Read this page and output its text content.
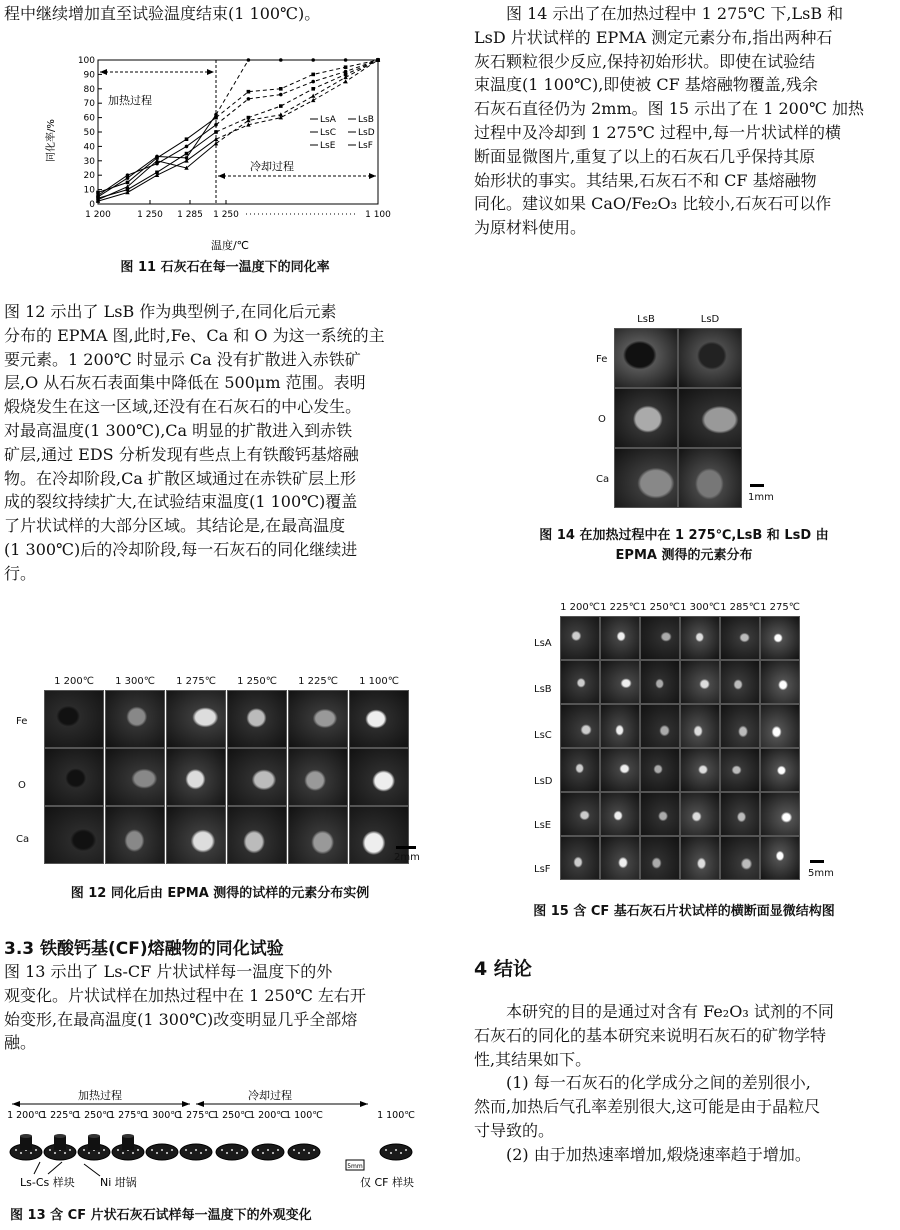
程中继续增加直至试验温度结束(1 100℃)。

同化率/%
温度/℃
加热过程
冷却过程
0
10
20
30
40
50
60
70
80
90
100
1 200	1 250 1 285 1 250	1 100
LsA LsB
LsC LsD
LsE	LsF
图 11 石灰石在每一温度下的同化率

图 12 示出了 LsB 作为典型例子,在同化后元素

分布的 EPMA 图,此时,Fe、Ca 和 O 为这一系统的主

要元素。1 200℃ 时显示 Ca 没有扩散进入赤铁矿

层,O 从石灰石表面集中降低在 500μm 范围。表明

煅烧发生在这一区域,还没有在石灰石的中心发生。

对最高温度(1 300℃),Ca 明显的扩散进入到赤铁

矿层,通过 EDS 分析发现有些点上有铁酸钙基熔融

物。在冷却阶段,Ca 扩散区域通过在赤铁矿层上形

成的裂纹持续扩大,在试验结束温度(1 100℃)覆盖

了片状试样的大部分区域。其结论是,在最高温度

(1 300℃)后的冷却阶段,每一石灰石的同化继续进

行。

1 200℃	1 300℃	1 275℃	1 250℃	1 225℃	1 100℃
Fe
O
Ca
2mm
图 12 同化后由 EPMA 测得的试样的元素分布实例
3.3 铁酸钙基(CF)熔融物的同化试验

图 13 示出了 Ls-CF 片状试样每一温度下的外

观变化。片状试样在加热过程中在 1 250℃ 左右开

始变形,在最高温度(1 300℃)改变明显几乎全部熔

融。

加热过程	冷却过程
1 200℃
1 225℃
1 250℃
1 275℃
1 300℃
1 275℃
1 250℃
1 200℃
1 100℃	1 100℃
5mm
Ls-Cs 样块 Ni 坩锅	仅 CF 样块
图 13 含 CF 片状石灰石试样每一温度下的外观变化

图 14 示出了在加热过程中 1 275℃ 下,LsB 和

LsD 片状试样的 EPMA 测定元素分布,指出两种石

灰石颗粒很少反应,保持初始形状。即使在试验结

束温度(1 100℃),即使被 CF 基熔融物覆盖,残余

石灰石直径仍为 2mm。图 15 示出了在 1 200℃ 加热

过程中及冷却到 1 275℃ 过程中,每一片状试样的横

断面显微图片,重复了以上的石灰石几乎保持其原

始形状的事实。其结果,石灰石不和 CF 基熔融物

同化。建议如果 CaO/Fe₂O₃ 比较小,石灰石可以作

为原材料使用。

LsB	LsD
Fe
O
Ca
1mm
图 14 在加热过程中在 1 275℃,LsB 和 LsD 由
EPMA 测得的元素分布
1 200℃ 1 225℃ 1 250℃ 1 300℃ 1 285℃ 1 275℃
LsA
LsB
LsC
LsD
LsE
LsF	5mm
图 15 含 CF 基石灰石片状试样的横断面显微结构图
4 结论

本研究的目的是通过对含有 Fe₂O₃ 试剂的不同

石灰石的同化的基本研究来说明石灰石的矿物学特

性,其结果如下。

(1) 每一石灰石的化学成分之间的差别很小,

然而,加热后气孔率差别很大,这可能是由于晶粒尺

寸导致的。

(2) 由于加热速率增加,煅烧速率趋于增加。
